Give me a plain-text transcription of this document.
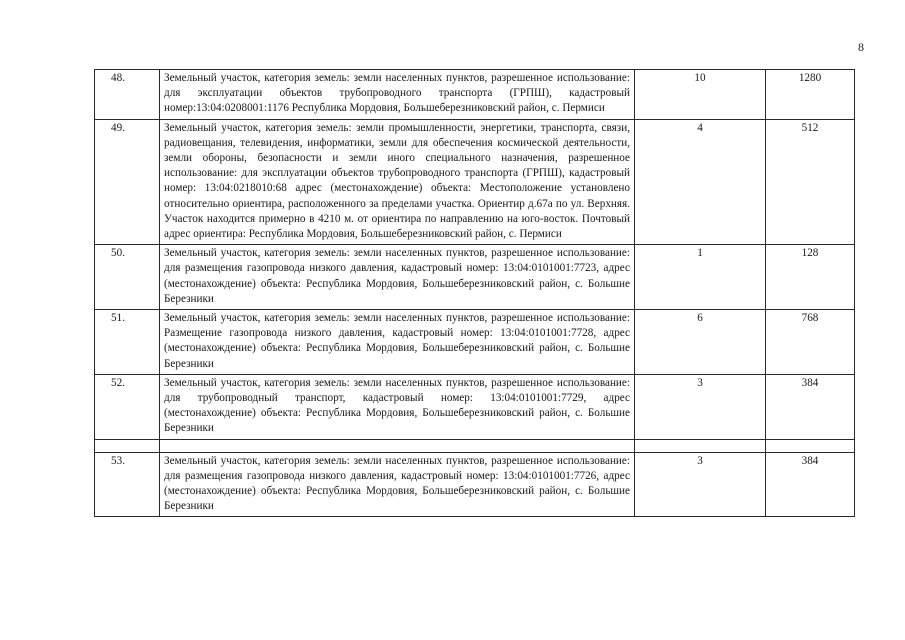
8
48.	Земельный участок, категория земель: земли населенных пунктов, разрешенное использование: для эксплуатации объектов трубопроводного транспорта (ГРПШ), кадастровый номер:13:04:0208001:1176 Республика Мордовия, Большеберезниковский район, с. Пермиси	10	1280
49.	Земельный участок, категория земель: земли промышленности, энергетики, транспорта, связи, радиовещания, телевидения, информатики, земли для обеспечения космической деятельности, земли обороны, безопасности и земли иного специального назначения, разрешенное использование: для эксплуатации объектов трубопроводного транспорта (ГРПШ), кадастровый номер: 13:04:0218010:68 адрес (местонахождение) объекта: Местоположение установлено относительно ориентира, расположенного за пределами участка. Ориентир д.67а по ул. Верхняя. Участок находится примерно в 4210 м. от ориентира по направлению на юго-восток. Почтовый адрес ориентира: Республика Мордовия, Большеберезниковский район, с. Пермиси	4	512
50.	Земельный участок, категория земель: земли населенных пунктов, разрешенное использование: для размещения газопровода низкого давления, кадастровый номер: 13:04:0101001:7723, адрес (местонахождение) объекта: Республика Мордовия, Большеберезниковский район, с. Большие Березники	1	128
51.	Земельный участок, категория земель: земли населенных пунктов, разрешенное использование: Размещение газопровода низкого давления, кадастровый номер: 13:04:0101001:7728, адрес (местонахождение) объекта: Республика Мордовия, Большеберезниковский район, с. Большие Березники	6	768
52.	Земельный участок, категория земель: земли населенных пунктов, разрешенное использование: для трубопроводный транспорт, кадастровый номер: 13:04:0101001:7729, адрес (местонахождение) объекта: Республика Мордовия, Большеберезниковский район, с. Большие Березники	3	384

53.	Земельный участок, категория земель: земли населенных пунктов, разрешенное использование: для размещения газопровода низкого давления, кадастровый номер: 13:04:0101001:7726, адрес (местонахождение) объекта: Республика Мордовия, Большеберезниковский район, с. Большие Березники	3	384
